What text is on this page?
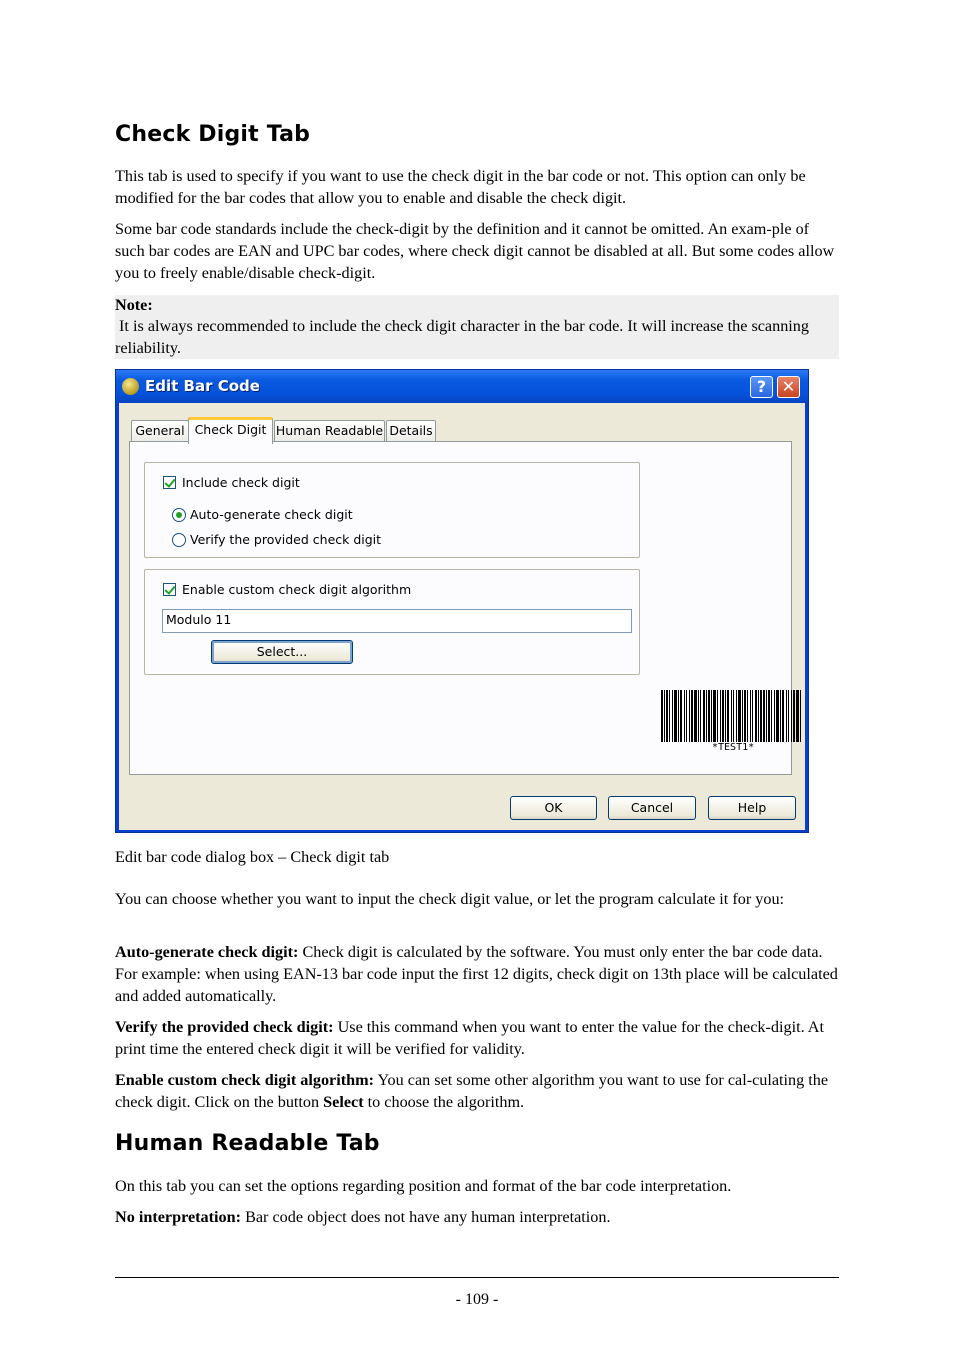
Check Digit Tab

This tab is used to specify if you want to use the check digit in the bar code or not. This option can only be modified for the bar codes that allow you to enable and disable the check digit.

Some bar code standards include the check-digit by the definition and it cannot be omitted. An exam-ple of such bar codes are EAN and UPC bar codes, where check digit cannot be disabled at all. But some codes allow you to freely enable/disable check-digit.

Note:
It is always recommended to include the check digit character in the bar code. It will increase the scanning reliability.

Edit bar code dialog box – Check digit tab

You can choose whether you want to input the check digit value, or let the program calculate it for you:

Auto-generate check digit: Check digit is calculated by the software. You must only enter the bar code data. For example: when using EAN-13 bar code input the first 12 digits, check digit on 13th place will be calculated and added automatically.

Verify the provided check digit: Use this command when you want to enter the value for the check-digit. At print time the entered check digit it will be verified for validity.

Enable custom check digit algorithm: You can set some other algorithm you want to use for cal-culating the check digit. Click on the button Select to choose the algorithm.

Human Readable Tab

On this tab you can set the options regarding position and format of the bar code interpretation.

No interpretation: Bar code object does not have any human interpretation.

Edit Bar Code	? ✕
General Check Digit Human Readable Details
Include check digit
Auto-generate check digit
Verify the provided check digit
Enable custom check digit algorithm
Modulo 11
Select...
*TEST1*
OK	Cancel	Help
- 109 -
